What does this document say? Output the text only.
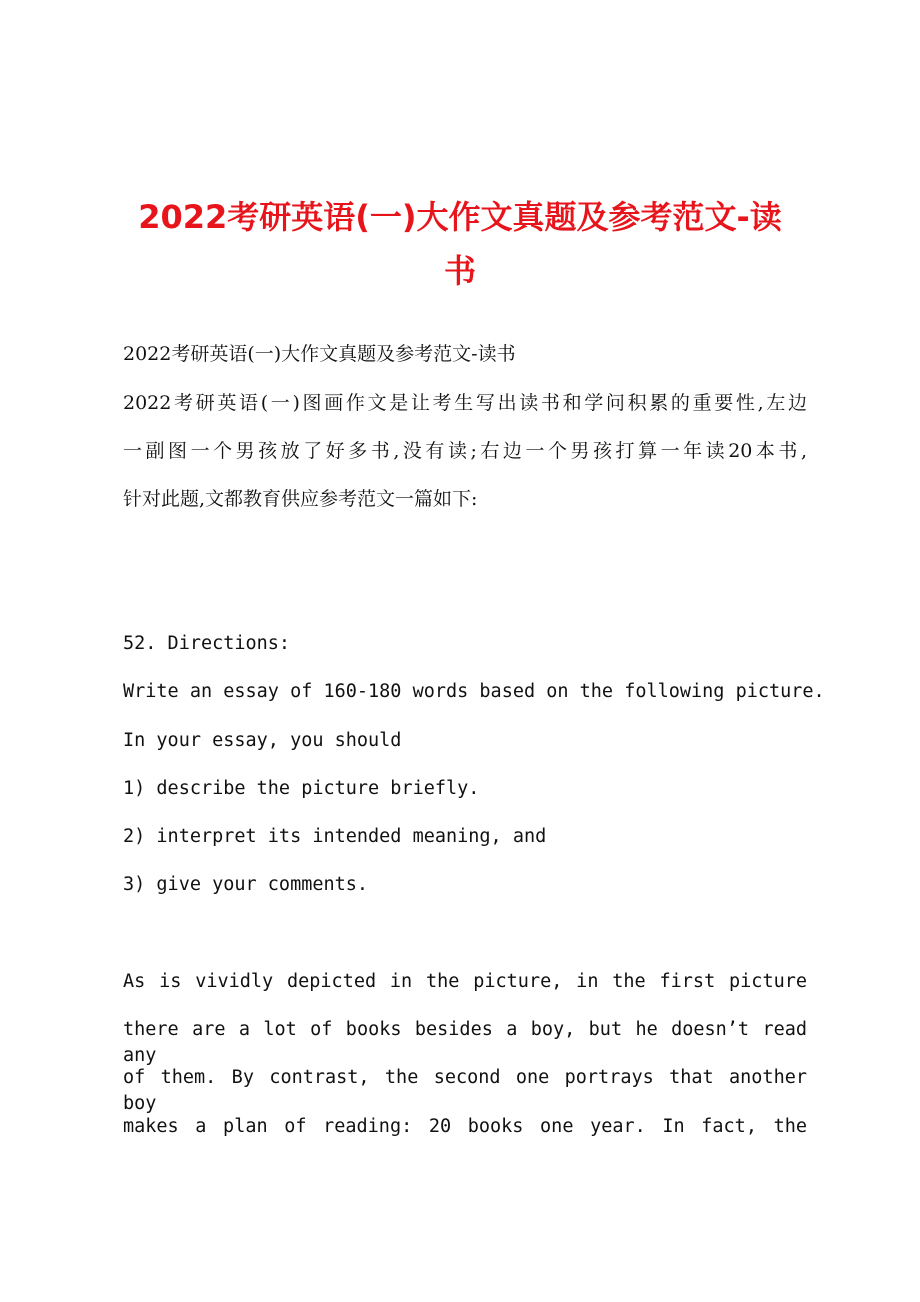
2022考研英语(一)大作文真题及参考范文-读
书

2022考研英语(一)大作文真题及参考范文-读书

2022考研英语(一)图画作文是让考生写出读书和学问积累的重要性,左边

一副图一个男孩放了好多书,没有读;右边一个男孩打算一年读20本书,

针对此题,文都教育供应参考范文一篇如下:

52. Directions:

Write an essay of 160-180 words based on the following picture.

In your essay, you should

1) describe the picture briefly.

2) interpret its intended meaning, and

3) give your comments.

As is vividly depicted in the picture, in the first picture

there are a lot of books besides a boy, but he doesn’t read any

of them. By contrast, the second one portrays that another boy

makes a plan of reading: 20 books one year. In fact, the
